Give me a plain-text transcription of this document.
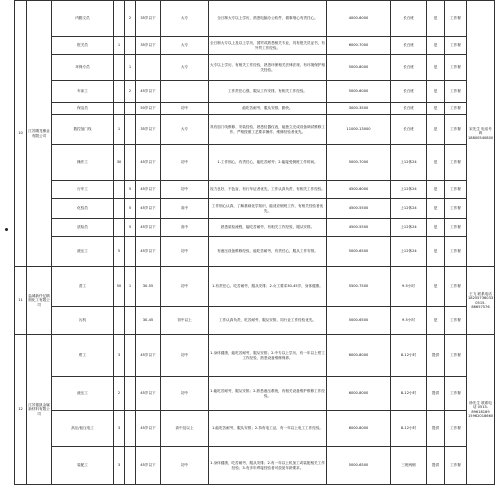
10	江苏腾龙橡业有限公司	内勤文员		2	35岁以下	大专	全日制大专以上学历，熟悉电脑办公软件，做事细心有责任心。	4000-6000	长白班	是	工作餐	宋先生 电话号码 18800540800
		报关员	1		35岁以下	大专	全日制大专以上及以上学历，国贸或熟悉相关专业，具有报关员证书，有外贸工作经验。	6000-7000	长白班	是	工作餐	
		环保专员		1		大专	大专以上学历，有相关工作经验，熟悉环保相关法律法规，有环境保护相关经验。	5000-8000	长白班	是	工作餐	
		车床工		2	45岁以下		工作责任心强，服从工作安排，有相关工作经验。	5000-6000	长白班	是	工作餐	
		保洁员			50岁以下	初中	能吃苦耐劳，服从安排，勤快。	3000-3500	长白班	是	工作餐	
		数控加门线	1		35岁以下	大专	具有加门线维修、安装经验，熟悉仪器仪表，能独立完成设备调试维修工作，严格按照工艺要求操作，维修经验者优先。	11000-13000	长白班	是	工作餐	
		操作工	30		45岁以下	初中	1.工作细心，有责任心，能吃苦耐劳；2.能接受倒班工作时间。	5000-7000	上12休24	是	工作餐	
		行车工		5	45岁以下	初中	视力良好，不色盲，有行车证者优先，工作认真负责，有相关工作经验。	4500-6000	上12休24	是	工作餐	
		化验员		5	45岁以下	高中	工作细心认真，了解基础化学知识，能适应倒班工作，有相关经验者优先。	4500-5500	上12休24	是	工作餐	
		质检员		5	45岁以下	高中	熟悉质检流程，能吃苦耐劳，有相关工作经验，服从安排。	4500-5500	上12休24	是	工作餐	
		液压工	5		45岁以下	初中	有液压设备维修经验，能吃苦耐劳，有责任心，服从工作安排。	5000-6500	上12休24	是	工作餐	
11	盐城新仟亿精细化工有限公司	普工	50	1	30-55	初中	1.有责任心，吃苦耐劳，服从安排；2.女工要求30-45岁，身体健康。	5500-7500	9.5小时	是	工作餐	王飞 联系电话 18255736033 0515-86657576
		污机			30-45	初中以上	工作认真负责，吃苦耐劳，服从安排，同行业工作经验优先。	5000-6500	9.5小时	是	工作餐	
12	江苏德凯金属新材料有限公司	钳工	3		45岁以下	初中	1.身体健康，能吃苦耐劳，服从安排；2.中专以上学历，有一年以上钳工工作经验，熟悉设备维修保养。	6000-8000	8-12小时	提供	工作餐	徐先生 联系电话 0515-89618189 15962018660
		液压工	2		45岁以下	初中	1.能吃苦耐劳，服从安排；2.熟悉液压系统，有相关设备维护维修工作经验。	6000-8000	8-12小时	提供	工作餐	
		高压/低压电工	3		45岁以下	高中及以上	1.能吃苦耐劳，服从安排；2.持有电工证，有一年以上电工工作经验。	6000-8000	8-12小时	提供	工作餐	
		装配工	3		45岁以下	初中	1.身体健康，吃苦耐劳，服从安排；2.有一年以上机加工或装配相关工作经验；3.有多年焊接经验者可放宽年龄要求。	5000-6500	三班两倒	提供	工作餐	
